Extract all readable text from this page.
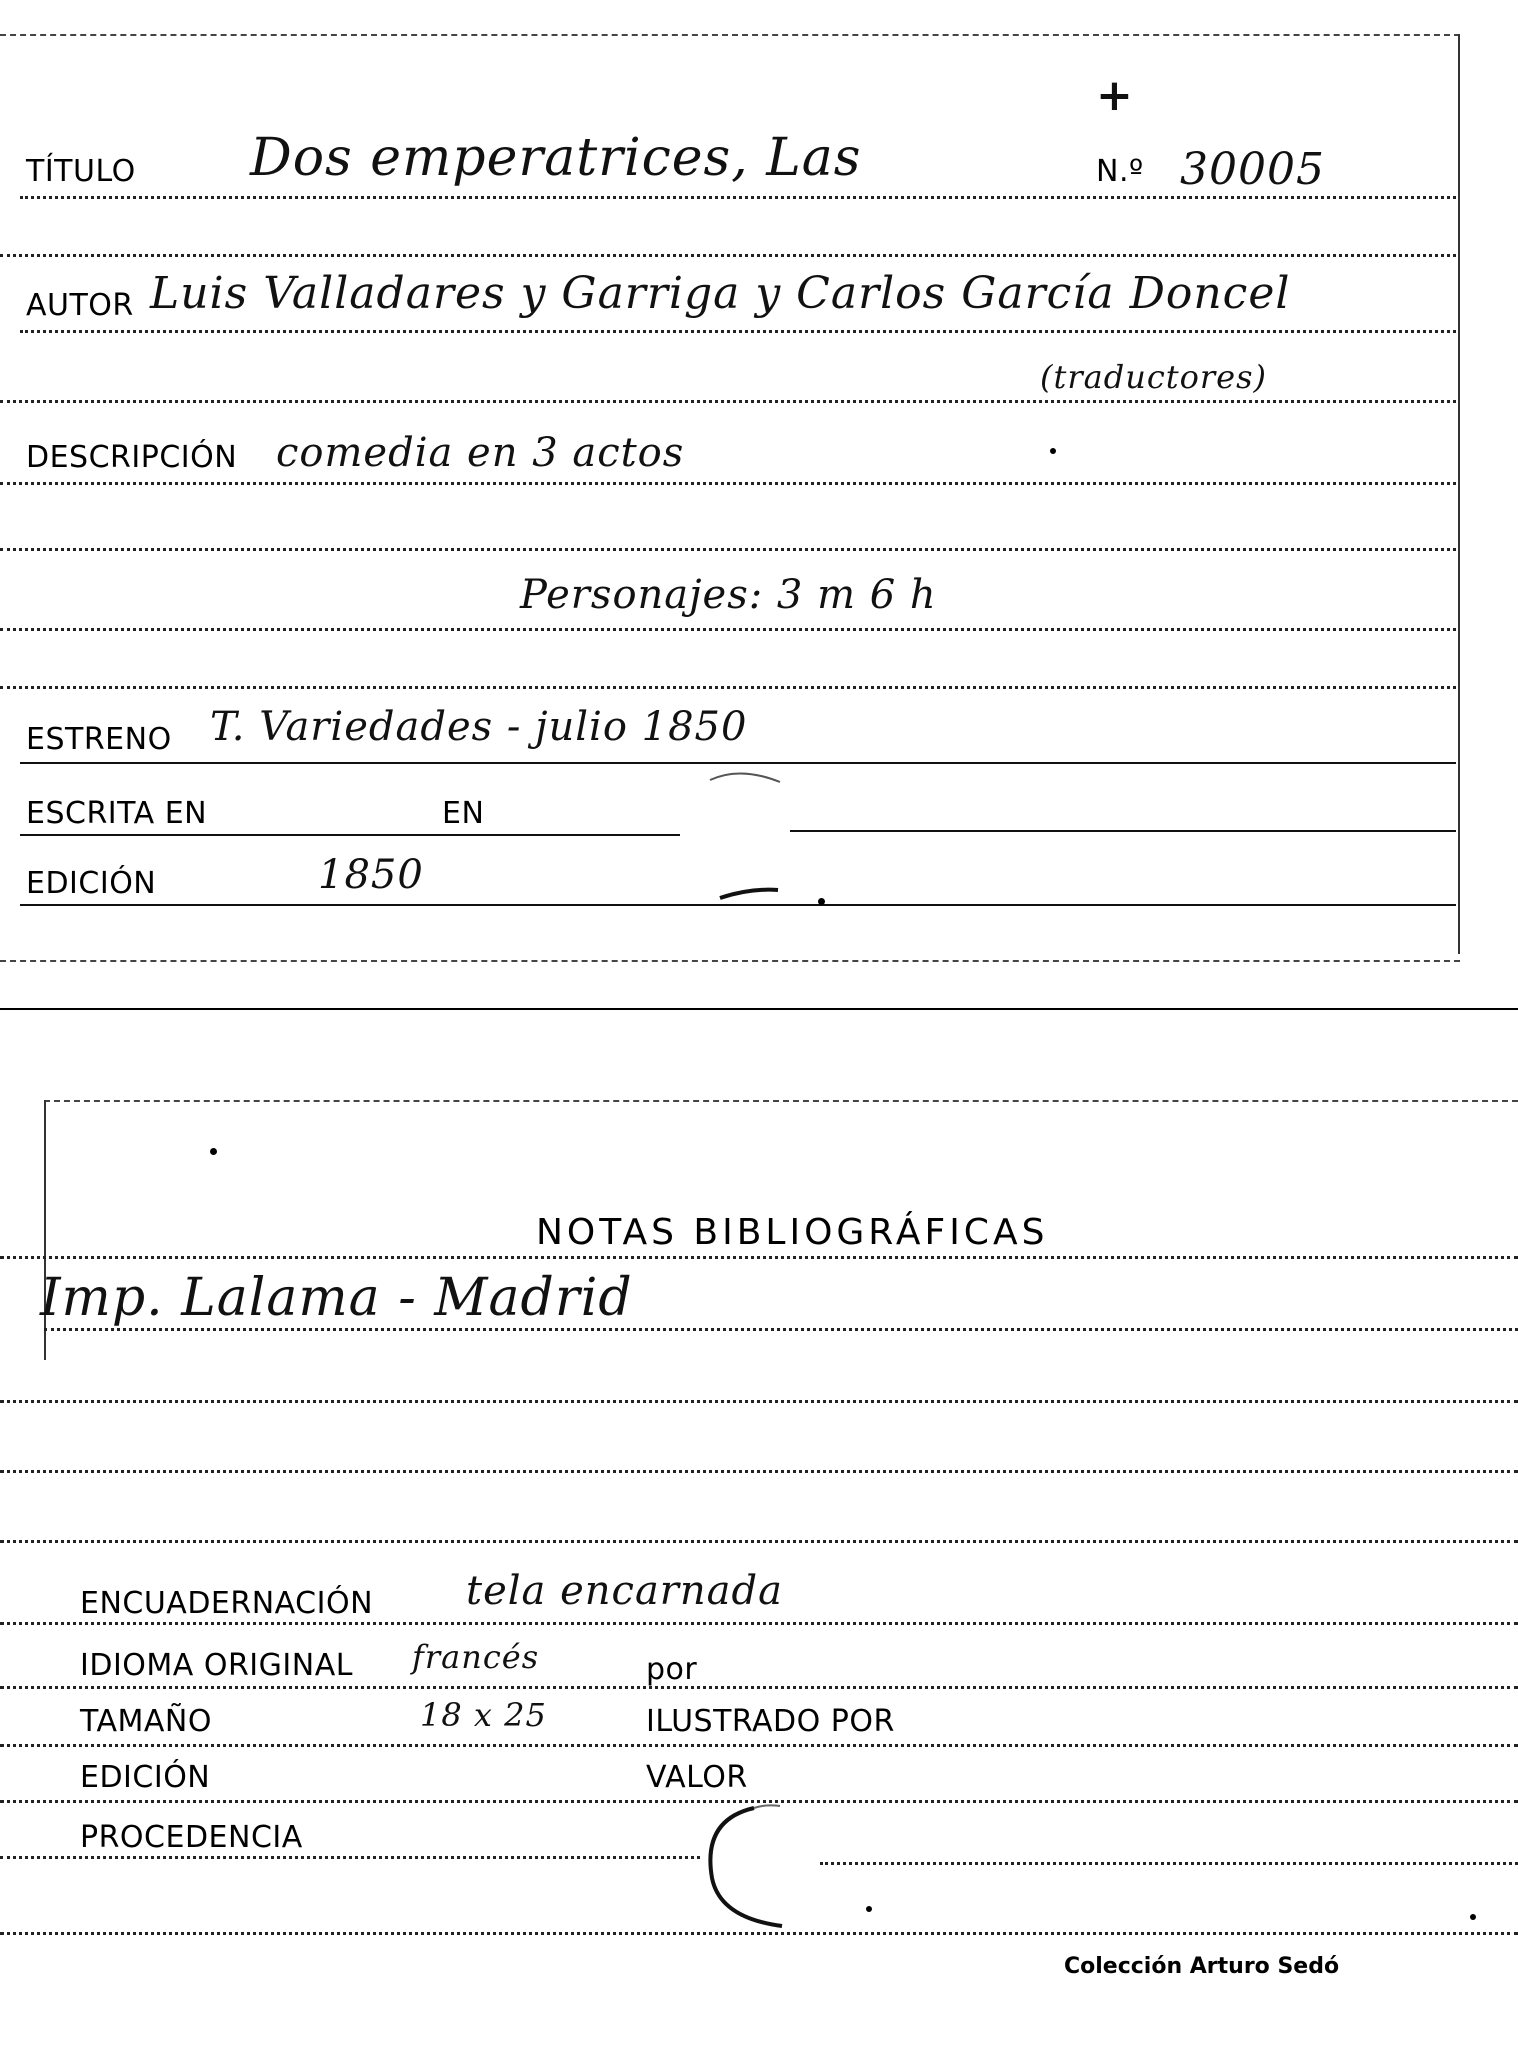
+
TÍTULO Dos emperatrices, Las	N.º 30005
AUTOR Luis Valladares y Garriga y Carlos García Doncel
(traductores)
DESCRIPCIÓN comedia en 3 actos
Personajes: 3 m 6 h
ESTRENO T. Variedades - julio 1850
ESCRITA EN	EN
EDICIÓN	1850
NOTAS BIBLIOGRÁFICAS
Imp. Lalama - Madrid
ENCUADERNACIÓN tela encarnada
IDIOMA ORIGINAL francés	por
TAMAÑO	18 x 25	ILUSTRADO POR
EDICIÓN	VALOR
PROCEDENCIA
Colección Arturo Sedó
